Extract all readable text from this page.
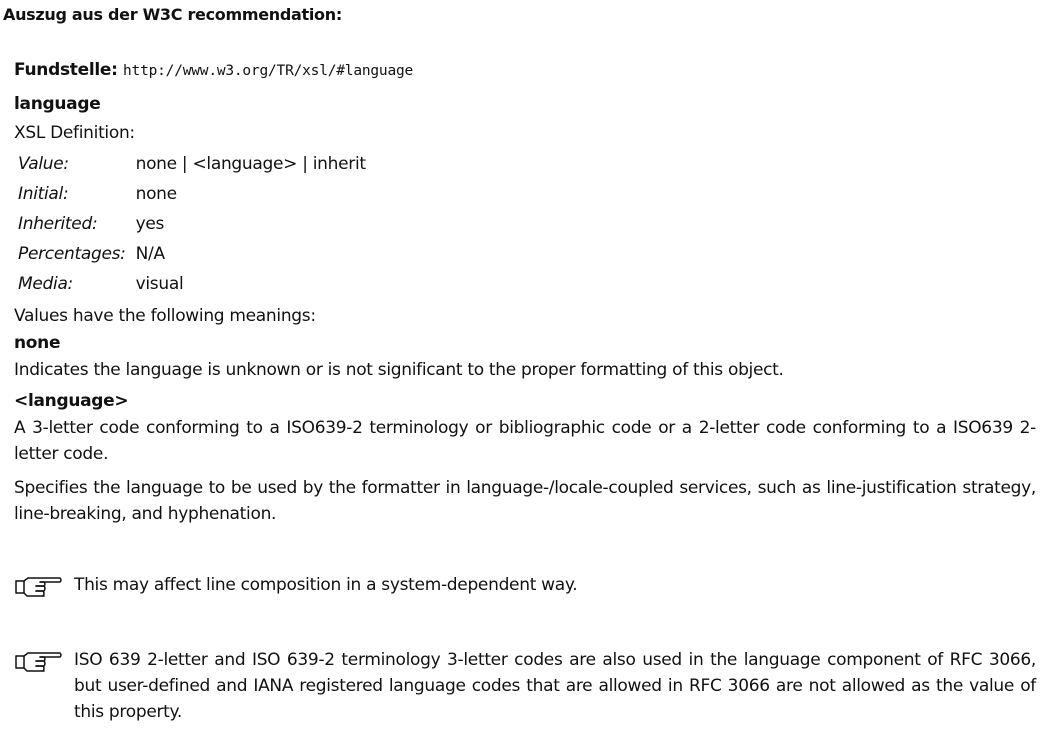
Auszug aus der W3C recommendation:
Fundstelle: http://www.w3.org/TR/xsl/#language
language
XSL Definition:
Value:	none | <language> | inherit
Initial:	none
Inherited:	yes
Percentages:	N/A
Media:	visual
Values have the following meanings:
none
Indicates the language is unknown or is not significant to the proper formatting of this object.
<language>
A 3-letter code conforming to a ISO639-2 terminology or bibliographic code or a 2-letter code conforming to a ISO639 2-letter code.
Specifies the language to be used by the formatter in language-/locale-coupled services, such as line-justification strategy, line-breaking, and hyphenation.
This may affect line composition in a system-dependent way.
ISO 639 2-letter and ISO 639-2 terminology 3-letter codes are also used in the language component of RFC 3066, but user-defined and IANA registered language codes that are allowed in RFC 3066 are not allowed as the value of this property.
